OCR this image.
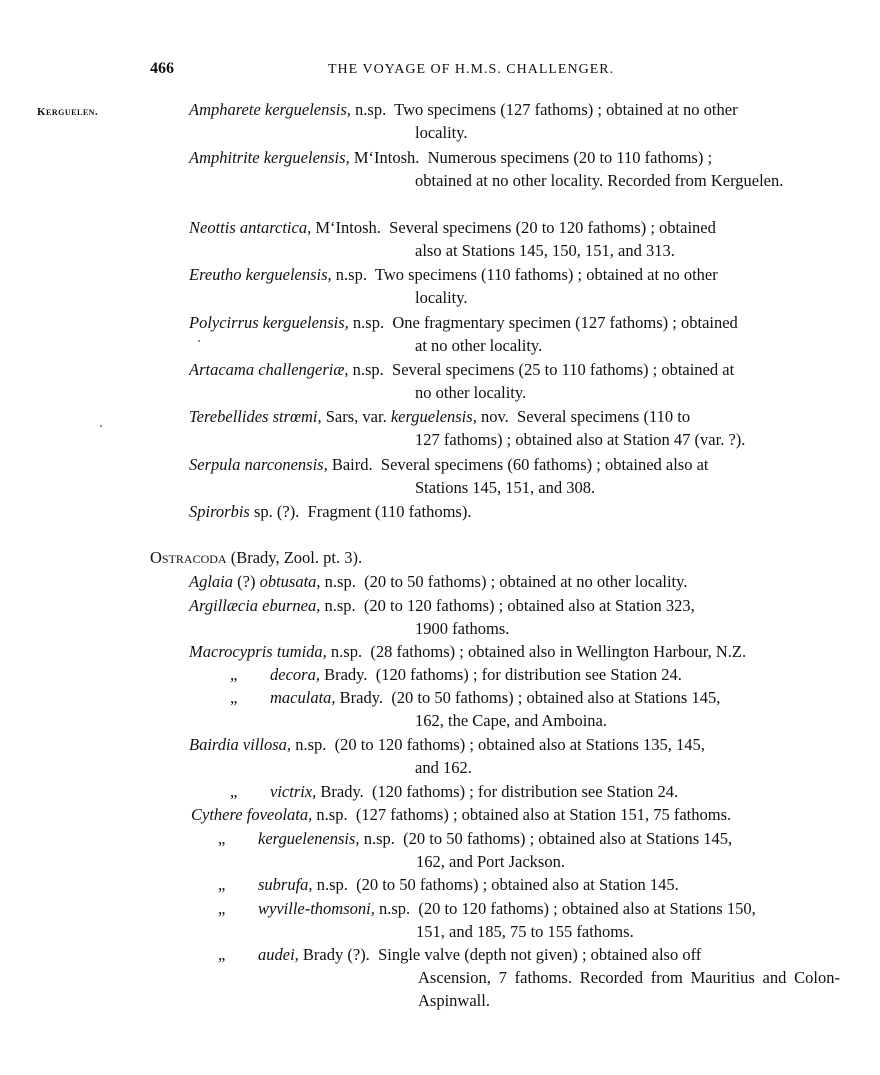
466	THE VOYAGE OF H.M.S. CHALLENGER.
Kerguelen.	Ampharete kerguelensis, n.sp. Two specimens (127 fathoms) ; obtained at no other
locality.
Amphitrite kerguelensis, M‘Intosh. Numerous specimens (20 to 110 fathoms) ;
obtained at no other locality. Recorded from Kerguelen.
Neottis antarctica, M‘Intosh. Several specimens (20 to 120 fathoms) ; obtained
also at Stations 145, 150, 151, and 313.
Ereutho kerguelensis, n.sp. Two specimens (110 fathoms) ; obtained at no other
locality.
Polycirrus kerguelensis, n.sp. One fragmentary specimen (127 fathoms) ; obtained
at no other locality.
Artacama challengeriæ, n.sp. Several specimens (25 to 110 fathoms) ; obtained at
no other locality.
Terebellides strœmi, Sars, var. kerguelensis, nov. Several specimens (110 to
127 fathoms) ; obtained also at Station 47 (var. ?).
Serpula narconensis, Baird. Several specimens (60 fathoms) ; obtained also at
Stations 145, 151, and 308.
Spirorbis sp. (?). Fragment (110 fathoms).
Ostracoda (Brady, Zool. pt. 3).
Aglaia (?) obtusata, n.sp. (20 to 50 fathoms) ; obtained at no other locality.
Argillæcia eburnea, n.sp. (20 to 120 fathoms) ; obtained also at Station 323,
1900 fathoms.
Macrocypris tumida, n.sp. (28 fathoms) ; obtained also in Wellington Harbour, N.Z.
„ decora, Brady. (120 fathoms) ; for distribution see Station 24.
„ maculata, Brady. (20 to 50 fathoms) ; obtained also at Stations 145,
162, the Cape, and Amboina.
Bairdia villosa, n.sp. (20 to 120 fathoms) ; obtained also at Stations 135, 145,
and 162.
„ victrix, Brady. (120 fathoms) ; for distribution see Station 24.
Cythere foveolata, n.sp. (127 fathoms) ; obtained also at Station 151, 75 fathoms.
„ kerguelenensis, n.sp. (20 to 50 fathoms) ; obtained also at Stations 145,
162, and Port Jackson.
„ subrufa, n.sp. (20 to 50 fathoms) ; obtained also at Station 145.
„ wyville-thomsoni, n.sp. (20 to 120 fathoms) ; obtained also at Stations 150,
151, and 185, 75 to 155 fathoms.
„ audei, Brady (?). Single valve (depth not given) ; obtained also off
Ascension, 7 fathoms. Recorded from Mauritius and Colon-Aspinwall.
